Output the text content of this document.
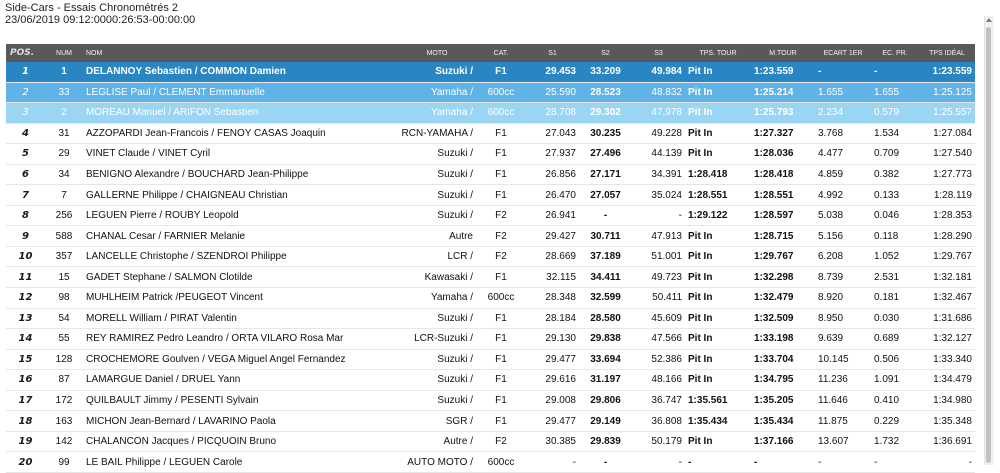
Side-Cars - Essais Chronométrés 2
23/06/2019 09:12:0000:26:53-00:00:00
POS.	NUM	NOM	MOTO	CAT.	S1	S2	S3	TPS. TOUR	M.TOUR	ECART 1ER	EC. PR.	TPS IDÉAL
1	1	DELANNOY Sebastien / COMMON Damien	Suzuki /	F1	29.453	33.209	49.984	Pit In	1:23.559	-	-	1:23.559
2	33	LEGLISE Paul / CLEMENT Emmanuelle	Yamaha /	600cc	25.590	28.523	48.832	Pit In	1:25.214	1.655	1.655	1:25.125
3	2	MOREAU Manuel / ARIFON Sebastien	Yamaha /	600cc	28.708	29.302	47.978	Pit In	1:25.793	2.234	0.579	1:25.557
4	31	AZZOPARDI Jean-Francois / FENOY CASAS Joaquin	RCN-YAMAHA /	F1	27.043	30.235	49.228	Pit In	1:27.327	3.768	1.534	1:27.084
5	29	VINET Claude / VINET Cyril	Suzuki /	F1	27.937	27.496	44.139	Pit In	1:28.036	4.477	0.709	1:27.540
6	34	BENIGNO Alexandre / BOUCHARD Jean-Philippe	Suzuki /	F1	26.856	27.171	34.391	1:28.418	1:28.418	4.859	0.382	1:27.773
7	7	GALLERNE Philippe / CHAIGNEAU Christian	Suzuki /	F1	26.470	27.057	35.024	1:28.551	1:28.551	4.992	0.133	1:28.119
8	256	LEGUEN Pierre / ROUBY Leopold	Suzuki /	F2	26.941	-	-	1:29.122	1:28.597	5.038	0.046	1:28.353
9	588	CHANAL Cesar / FARNIER Melanie	Autre	F2	29.427	30.711	47.913	Pit In	1:28.715	5.156	0.118	1:28.290
10	357	LANCELLE Christophe / SZENDROI Philippe	LCR /	F2	28.669	37.189	51.001	Pit In	1:29.767	6.208	1.052	1:29.767
11	15	GADET Stephane / SALMON Clotilde	Kawasaki /	F1	32.115	34.411	49.723	Pit In	1:32.298	8.739	2.531	1:32.181
12	98	MUHLHEIM Patrick /PEUGEOT Vincent	Yamaha /	600cc	28.348	32.599	50.411	Pit In	1:32.479	8.920	0.181	1:32.467
13	54	MORELL William / PIRAT Valentin	Suzuki /	F1	28.184	28.580	45.609	Pit In	1:32.509	8.950	0.030	1:31.686
14	55	REY RAMIREZ Pedro Leandro / ORTA VILARO Rosa Mar	LCR-Suzuki /	F1	29.130	29.838	47.566	Pit In	1:33.198	9.639	0.689	1:32.127
15	128	CROCHEMORE Goulven / VEGA Miguel Angel Fernandez	Suzuki /	F1	29.477	33.694	52.386	Pit In	1:33.704	10.145	0.506	1:33.340
16	87	LAMARGUE Daniel / DRUEL Yann	Suzuki /	F1	29.616	31.197	48.166	Pit In	1:34.795	11.236	1.091	1:34.479
17	172	QUILBAULT Jimmy / PESENTI Sylvain	Suzuki /	F1	29.008	29.806	36.747	1:35.561	1:35.205	11.646	0.410	1:34.980
18	163	MICHON Jean-Bernard / LAVARINO Paola	SGR /	F1	29.477	29.149	36.808	1:35.434	1:35.434	11.875	0.229	1:35.348
19	142	CHALANCON Jacques / PICQUOIN Bruno	Autre /	F2	30.385	29.839	50.179	Pit In	1:37.166	13.607	1.732	1:36.691
20	99	LE BAIL Philippe / LEGUEN Carole	AUTO MOTO /	600cc	-	-	-	-	-	-	-	-
